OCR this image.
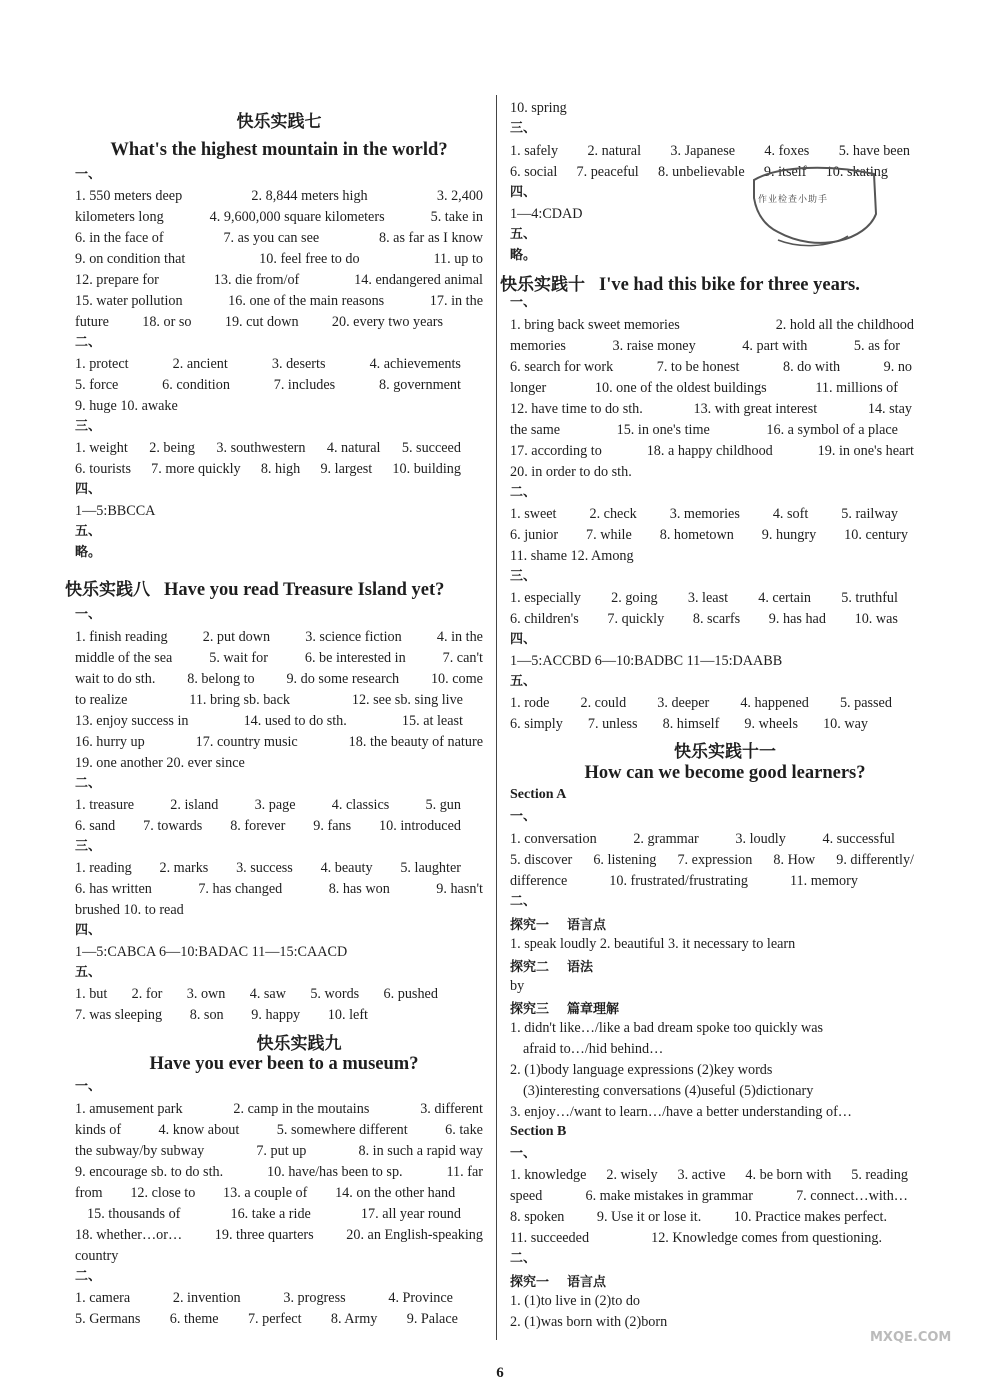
快乐实践七
What's the highest mountain in the world?
一、
1. 550 meters deep	2. 8,844 meters high	3. 2,400
kilometers long	4. 9,600,000 square kilometers	5. take in
6. in the face of	7. as you can see	8. as far as I know
9. on condition that	10. feel free to do	11. up to
12. prepare for	13. die from/of	14. endangered animal
15. water pollution	16. one of the main reasons	17. in the
future 18. or so 19. cut down 20. every two years
二、
1. protect	2. ancient	3. deserts	4. achievements
5. force	6. condition	7. includes	8. government
9. huge 10. awake
三、
1. weight 2. being 3. southwestern 4. natural 5. succeed
6. tourists 7. more quickly 8. high 9. largest 10. building
四、
1—5:BBCCA
五、
略。
快乐实践八 Have you read Treasure Island yet?
一、
1. finish reading 2. put down 3. science fiction 4. in the
middle of the sea	5. wait for	6. be interested in	7. can't
wait to do sth. 8. belong to 9. do some research 10. come
to realize	11. bring sb. back	12. see sb. sing live
13. enjoy success in	14. used to do sth.	15. at least
16. hurry up	17. country music	18. the beauty of nature
19. one another 20. ever since
二、
1. treasure	2. island	3. page	4. classics	5. gun
6. sand 7. towards 8. forever 9. fans 10. introduced
三、
1. reading 2. marks 3. success 4. beauty 5. laughter
6. has written	7. has changed	8. has won	9. hasn't
brushed 10. to read
四、
1—5:CABCA 6—10:BADAC 11—15:CAACD
五、
1. but 2. for 3. own 4. saw 5. words 6. pushed
7. was sleeping 8. son 9. happy 10. left
快乐实践九
Have you ever been to a museum?
一、
1. amusement park	2. camp in the moutains	3. different
kinds of	4. know about	5. somewhere different	6. take
the subway/by subway	7. put up	8. in such a rapid way
9. encourage sb. to do sth.	10. have/has been to sp.	11. far
from 12. close to 13. a couple of 14. on the other hand
15. thousands of	16. take a ride	17. all year round
18. whether…or… 19. three quarters 20. an English-speaking
country
二、
1. camera	2. invention	3. progress	4. Province
5. Germans 6. theme 7. perfect 8. Army 9. Palace
10. spring
三、
1. safely 2. natural 3. Japanese 4. foxes 5. have been
6. social 7. peaceful 8. unbelievable 9. itself 10. skating
四、
1—4:CDAD
五、
略。
快乐实践十 I've had this bike for three years.
一、
1. bring back sweet memories	2. hold all the childhood
memories	3. raise money	4. part with	5. as for
6. search for work	7. to be honest	8. do with	9. no
longer	10. one of the oldest buildings	11. millions of
12. have time to do sth.	13. with great interest	14. stay
the same	15. in one's time	16. a symbol of a place
17. according to	18. a happy childhood	19. in one's heart
20. in order to do sth.
二、
1. sweet 2. check 3. memories 4. soft 5. railway
6. junior 7. while 8. hometown 9. hungry 10. century
11. shame 12. Among
三、
1. especially 2. going 3. least 4. certain 5. truthful
6. children's 7. quickly 8. scarfs 9. has had 10. was
四、
1—5:ACCBD 6—10:BADBC 11—15:DAABB
五、
1. rode 2. could 3. deeper 4. happened 5. passed
6. simply 7. unless 8. himself 9. wheels 10. way
快乐实践十一
How can we become good learners?
Section A
一、
1. conversation	2. grammar	3. loudly	4. successful
5. discover 6. listening 7. expression 8. How 9. differently/
difference	10. frustrated/frustrating	11. memory
二、
探究一 语言点
1. speak loudly 2. beautiful 3. it necessary to learn
探究二 语法
by
探究三 篇章理解
1. didn't like…/like a bad dream spoke too quickly was
afraid to…/hid behind…
2. (1)body language expressions (2)key words
(3)interesting conversations (4)useful (5)dictionary
3. enjoy…/want to learn…/have a better understanding of…
Section B
一、
1. knowledge 2. wisely 3. active 4. be born with 5. reading
speed	6. make mistakes in grammar	7. connect…with…
8. spoken 9. Use it or lose it. 10. Practice makes perfect.
11. succeeded	12. Knowledge comes from questioning.
二、
探究一 语言点
1. (1)to live in (2)to do
2. (1)was born with (2)born
作业检查小助手
6
MXQE.COM
